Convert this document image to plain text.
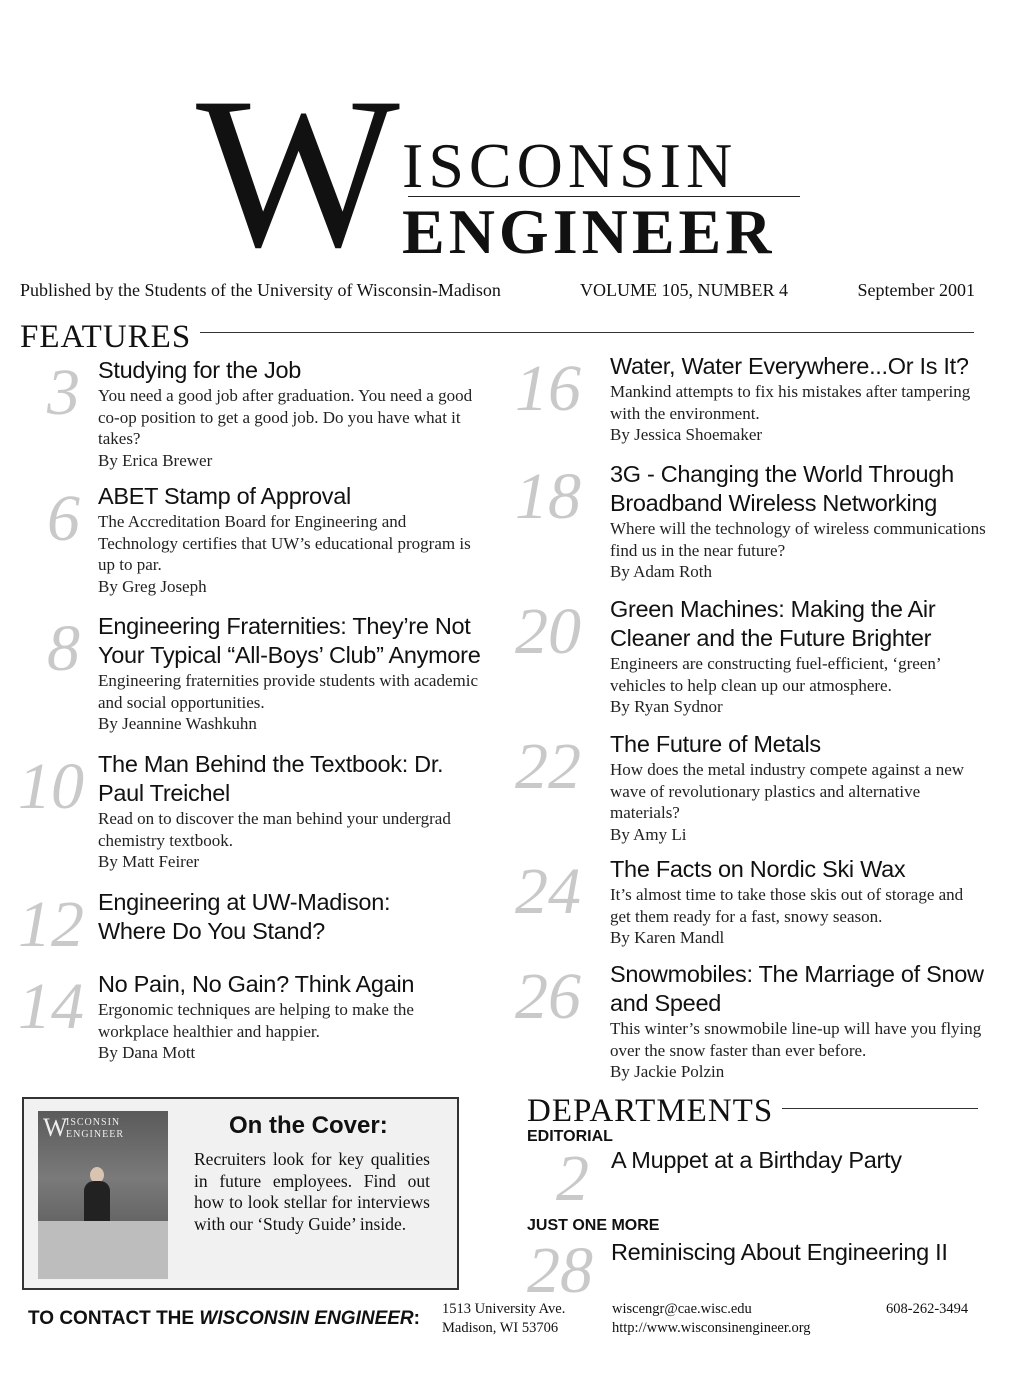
W ISCONSIN
ENGINEER
Published by the Students of the University of Wisconsin-Madison	VOLUME 105, NUMBER 4	September 2001
FEATURES
3 Studying for the Job
You need a good job after graduation. You need a good co-op position to get a good job. Do you have what it takes?
By Erica Brewer
6 ABET Stamp of Approval
The Accreditation Board for Engineering and Technology certifies that UW’s educational program is up to par.
By Greg Joseph
8 Engineering Fraternities: They’re Not Your Typical “All-Boys’ Club” Anymore
Engineering fraternities provide students with academic and social opportunities.
By Jeannine Washkuhn
10 The Man Behind the Textbook: Dr. Paul Treichel
Read on to discover the man behind your undergrad chemistry textbook.
By Matt Feirer
12 Engineering at UW-Madison: Where Do You Stand?
14 No Pain, No Gain? Think Again
Ergonomic techniques are helping to make the workplace healthier and happier.
By Dana Mott
16 Water, Water Everywhere...Or Is It?
Mankind attempts to fix his mistakes after tampering with the environment.
By Jessica Shoemaker
18 3G - Changing the World Through Broadband Wireless Networking
Where will the technology of wireless communications find us in the near future?
By Adam Roth
20 Green Machines: Making the Air Cleaner and the Future Brighter
Engineers are constructing fuel-efficient, ‘green’ vehicles to help clean up our atmosphere.
By Ryan Sydnor
22 The Future of Metals
How does the metal industry compete against a new wave of revolutionary plastics and alternative materials?
By Amy Li
24 The Facts on Nordic Ski Wax
It’s almost time to take those skis out of storage and get them ready for a fast, snowy season.
By Karen Mandl
26 Snowmobiles: The Marriage of Snow and Speed
This winter’s snowmobile line-up will have you flying over the snow faster than ever before.
By Jackie Polzin
W
ISCONSIN
ENGINEER	On the Cover:
Recruiters look for key qualities in future employees. Find out how to look stellar for interviews with our ‘Study Guide’ inside.
DEPARTMENTS
EDITORIAL
2 A Muppet at a Birthday Party
JUST ONE MORE
28 Reminiscing About Engineering II
TO CONTACT THE WISCONSIN ENGINEER: 1513 University Ave.
Madison, WI 53706
wiscengr@cae.wisc.edu
http://www.wisconsinengineer.org
608-262-3494
